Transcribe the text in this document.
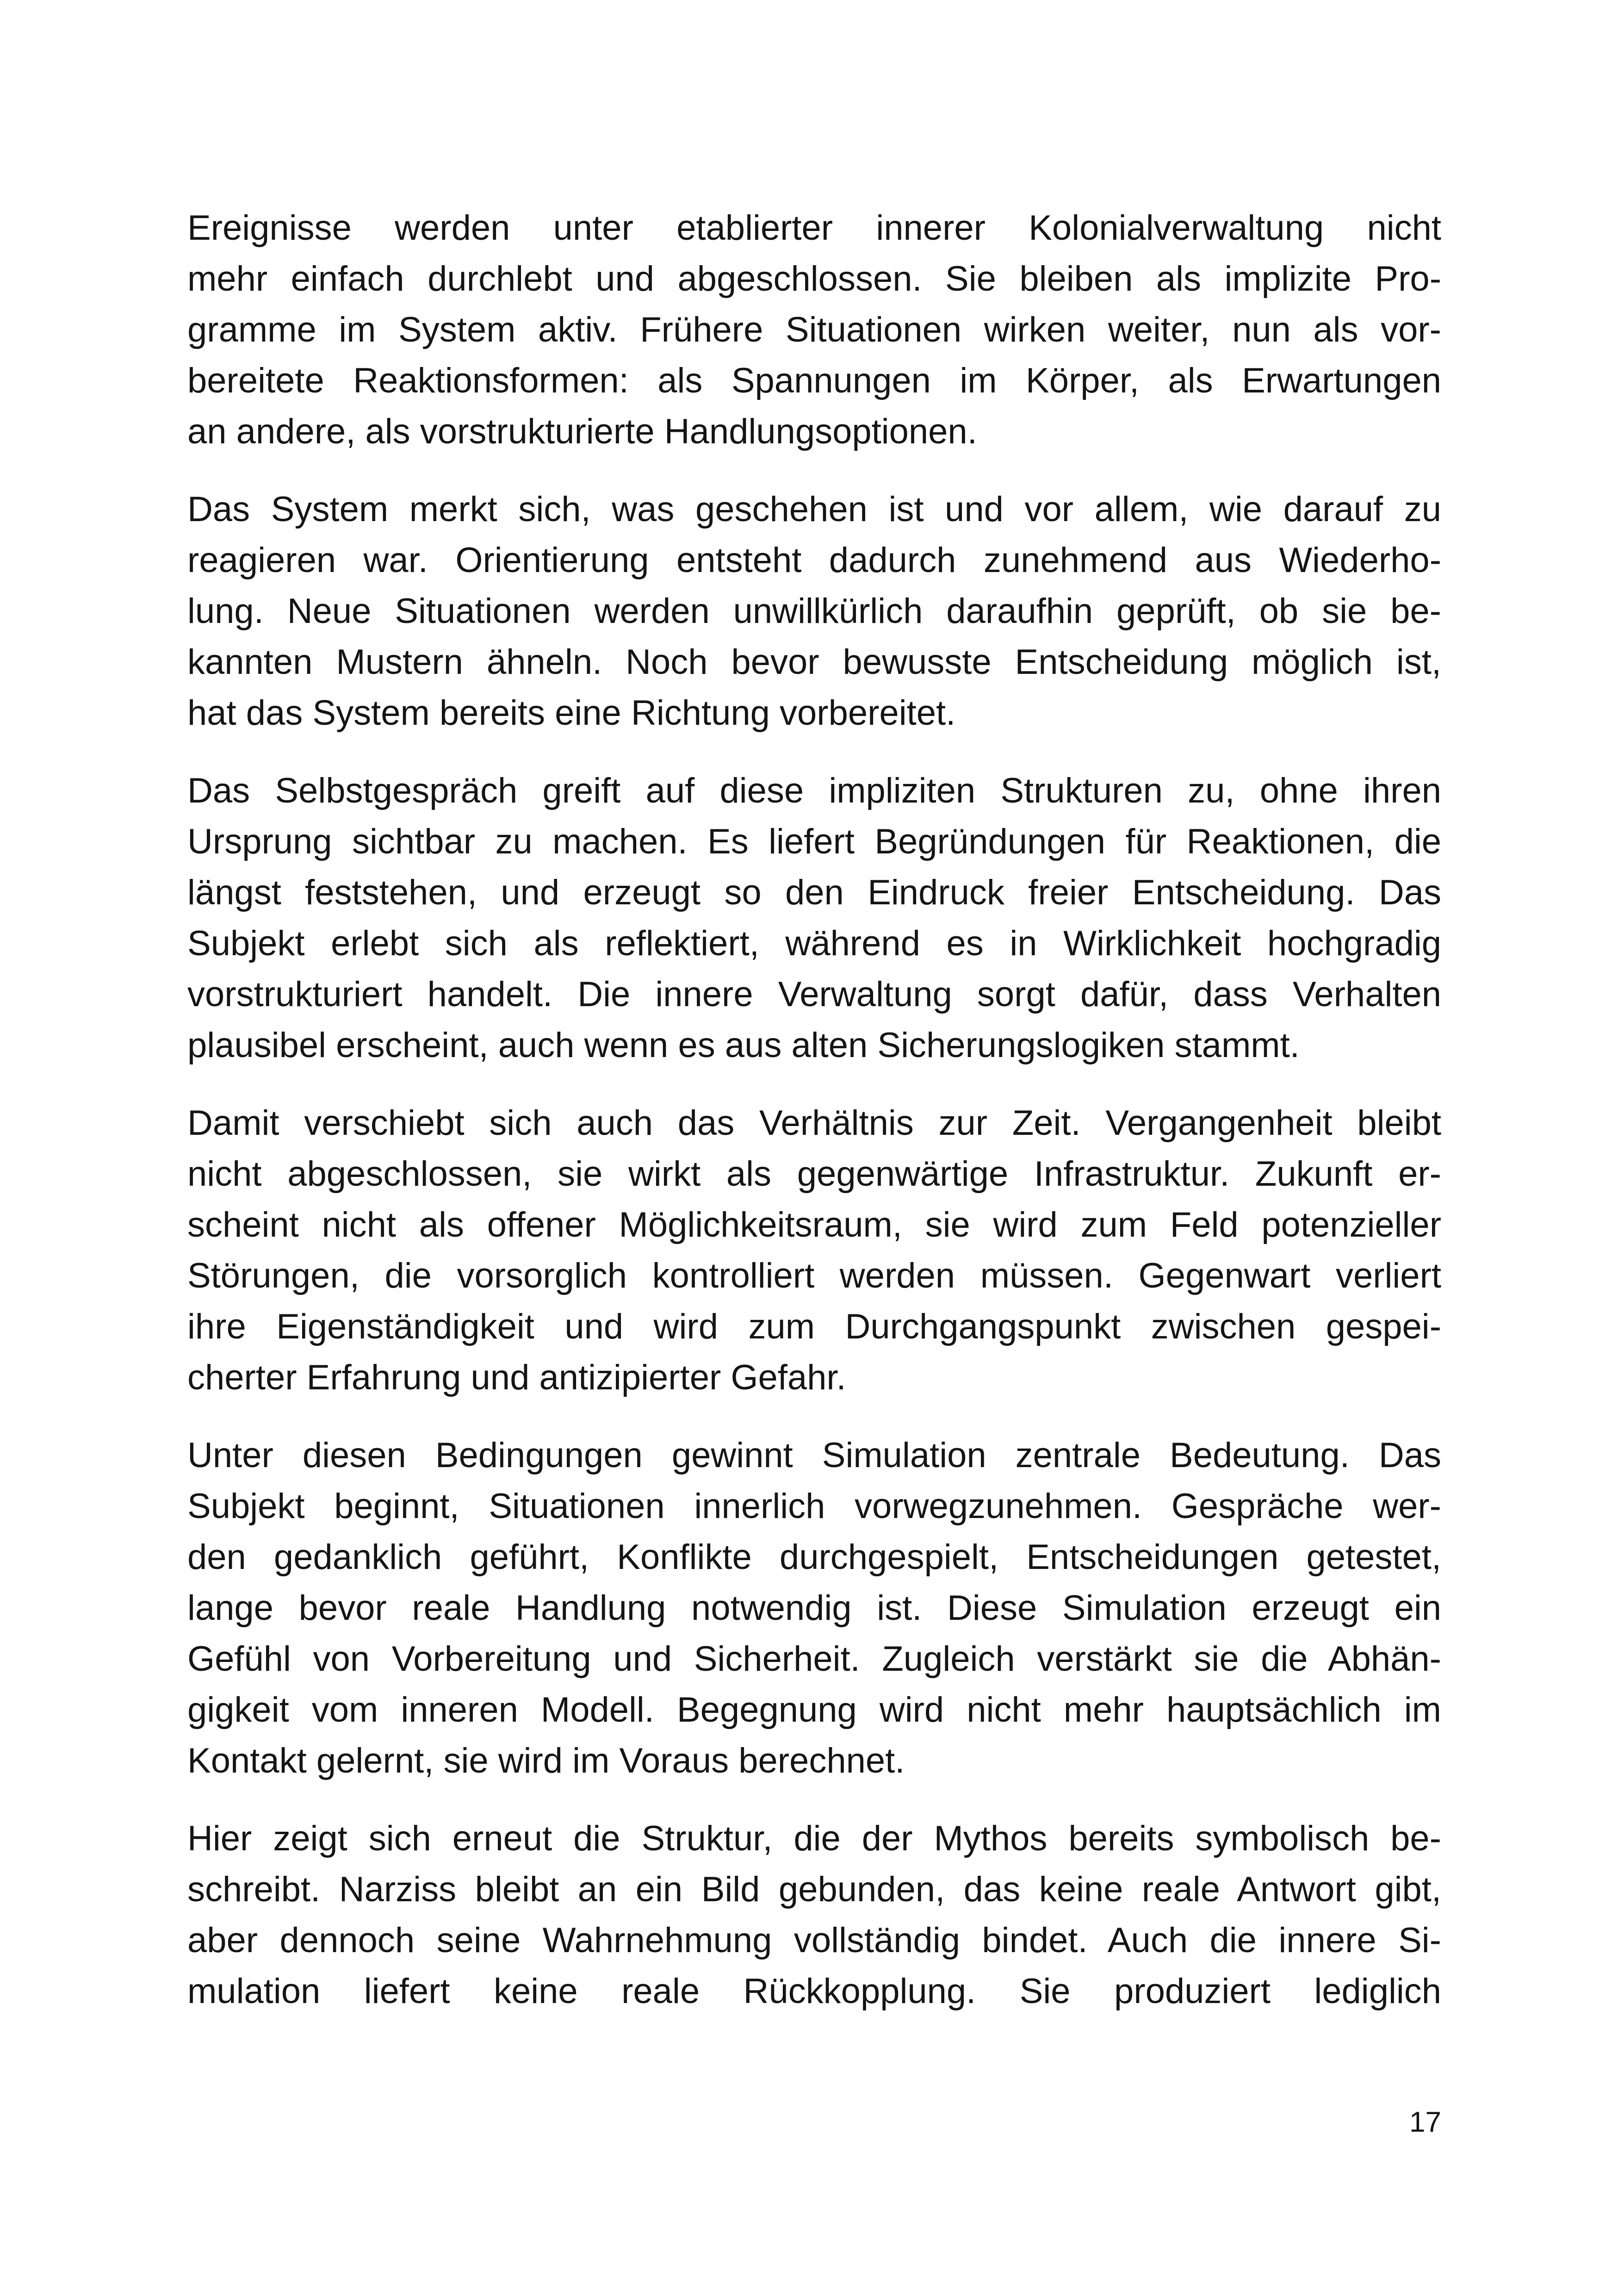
Ereignisse werden unter etablierter innerer Kolonialverwaltung nicht
mehr einfach durchlebt und abgeschlossen. Sie bleiben als implizite Pro-
gramme im System aktiv. Frühere Situationen wirken weiter, nun als vor-
bereitete Reaktionsformen: als Spannungen im Körper, als Erwartungen
an andere, als vorstrukturierte Handlungsoptionen.
Das System merkt sich, was geschehen ist und vor allem, wie darauf zu
reagieren war. Orientierung entsteht dadurch zunehmend aus Wiederho-
lung. Neue Situationen werden unwillkürlich daraufhin geprüft, ob sie be-
kannten Mustern ähneln. Noch bevor bewusste Entscheidung möglich ist,
hat das System bereits eine Richtung vorbereitet.
Das Selbstgespräch greift auf diese impliziten Strukturen zu, ohne ihren
Ursprung sichtbar zu machen. Es liefert Begründungen für Reaktionen, die
längst feststehen, und erzeugt so den Eindruck freier Entscheidung. Das
Subjekt erlebt sich als reflektiert, während es in Wirklichkeit hochgradig
vorstrukturiert handelt. Die innere Verwaltung sorgt dafür, dass Verhalten
plausibel erscheint, auch wenn es aus alten Sicherungslogiken stammt.
Damit verschiebt sich auch das Verhältnis zur Zeit. Vergangenheit bleibt
nicht abgeschlossen, sie wirkt als gegenwärtige Infrastruktur. Zukunft er-
scheint nicht als offener Möglichkeitsraum, sie wird zum Feld potenzieller
Störungen, die vorsorglich kontrolliert werden müssen. Gegenwart verliert
ihre Eigenständigkeit und wird zum Durchgangspunkt zwischen gespei-
cherter Erfahrung und antizipierter Gefahr.
Unter diesen Bedingungen gewinnt Simulation zentrale Bedeutung. Das
Subjekt beginnt, Situationen innerlich vorwegzunehmen. Gespräche wer-
den gedanklich geführt, Konflikte durchgespielt, Entscheidungen getestet,
lange bevor reale Handlung notwendig ist. Diese Simulation erzeugt ein
Gefühl von Vorbereitung und Sicherheit. Zugleich verstärkt sie die Abhän-
gigkeit vom inneren Modell. Begegnung wird nicht mehr hauptsächlich im
Kontakt gelernt, sie wird im Voraus berechnet.
Hier zeigt sich erneut die Struktur, die der Mythos bereits symbolisch be-
schreibt. Narziss bleibt an ein Bild gebunden, das keine reale Antwort gibt,
aber dennoch seine Wahrnehmung vollständig bindet. Auch die innere Si-
mulation liefert keine reale Rückkopplung. Sie produziert lediglich
17
